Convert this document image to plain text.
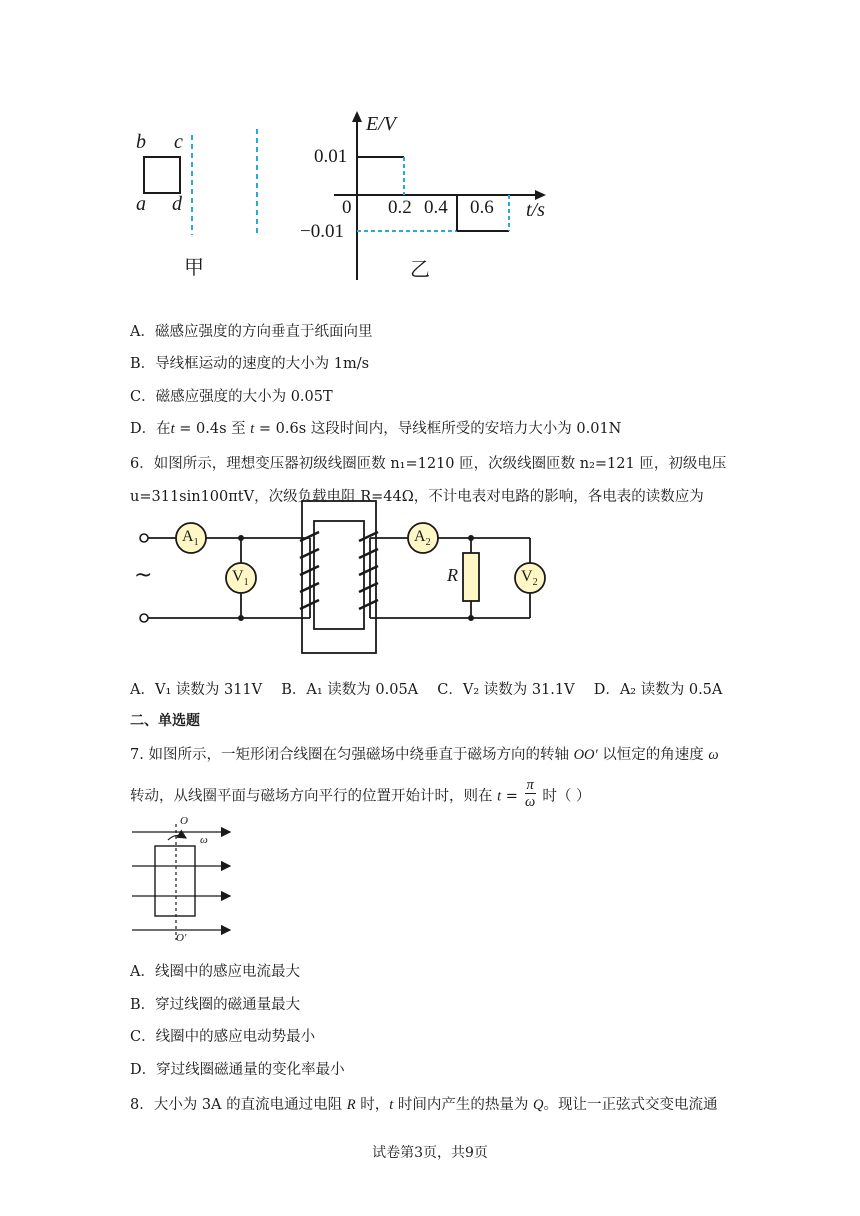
b c
a d
甲
E/V
0.01
−0.01
0 0.2 0.4 0.6 t/s
乙
A．磁感应强度的方向垂直于纸面向里
B．导线框运动的速度的大小为 1m/s
C．磁感应强度的大小为 0.05T
D．在t = 0.4s 至 t = 0.6s 这段时间内，导线框所受的安培力大小为 0.01N
6．如图所示，理想变压器初级线圈匝数 n₁=1210 匝，次级线圈匝数 n₂=121 匝，初级电压
u=311sin100πtV，次级负载电阻 R=44Ω，不计电表对电路的影响，各电表的读数应为
$A_1$
$V_1$
$A_2$
$V_2$
R
~
A．V₁ 读数为 311V　 B．A₁ 读数为 0.05A　 C．V₂ 读数为 31.1V　 D．A₂ 读数为 0.5A
二、单选题
7. 如图所示，一矩形闭合线圈在匀强磁场中绕垂直于磁场方向的转轴 OO′ 以恒定的角速度 ω
转动，从线圈平面与磁场方向平行的位置开始计时，则在 $t = \frac{\pi}{\omega}$ 时（ ）
O
ω
O′
A．线圈中的感应电流最大
B．穿过线圈的磁通量最大
C．线圈中的感应电动势最小
D．穿过线圈磁通量的变化率最小
8．大小为 3A 的直流电通过电阻 R 时，t 时间内产生的热量为 Q。现让一正弦式交变电流通
试卷第3页，共9页
